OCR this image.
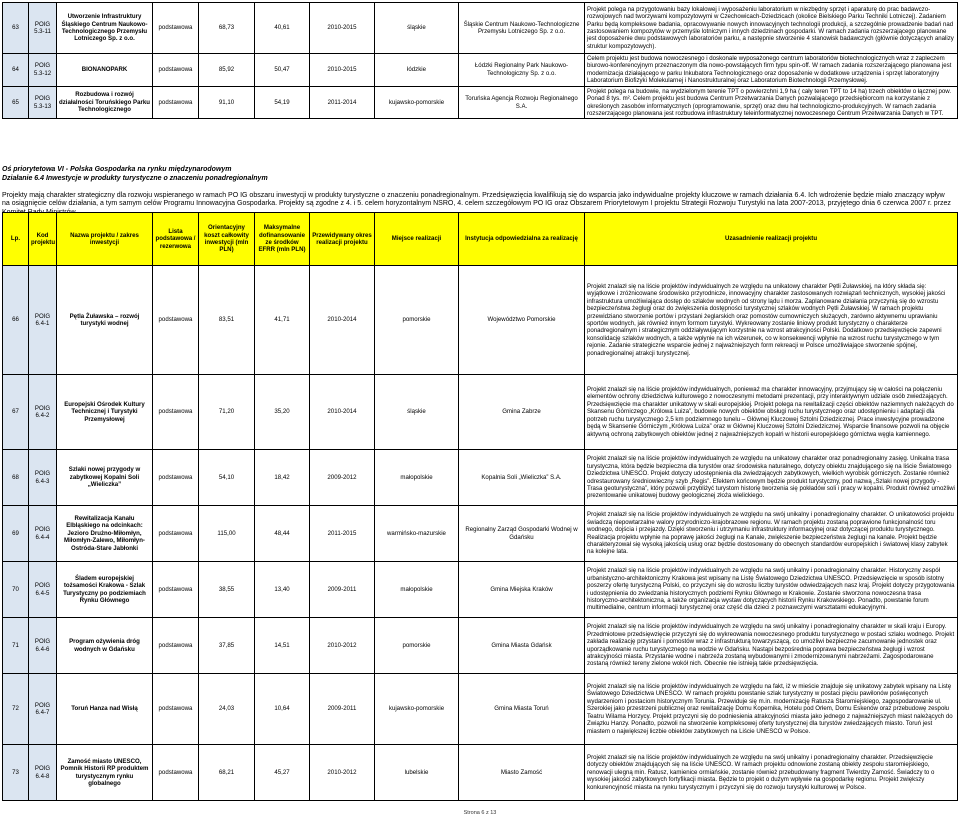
63	POIG 5.3-11	Utworzenie Infrastruktury Śląskiego Centrum Naukowo-Technologicznego Przemysłu Lotniczego Sp. z o.o.	podstawowa	68,73	40,61	2010-2015	śląskie	Śląskie Centrum Naukowo-Technologiczne Przemysłu Lotniczego Sp. z o.o.	Projekt polega na przygotowaniu bazy lokalowej i wyposażeniu laboratorium w niezbędny sprzęt i aparaturę do prac badawczo-rozwojowych nad tworzywami kompozytowymi w Czechowicach-Dziedzicach (okolice Bielskiego Parku Techniki Lotniczej). Zadaniem Parku będą kompleksowe badania, opracowywanie nowych innowacyjnych technologii produkcji, a szczególnie prowadzenie badań nad zastosowaniem kompozytów w przemyśle lotniczym i innych dziedzinach gospodarki. W ramach zadania rozszerzającego planowane jest doposażenie dwu podstawowych laboratoriów parku, a następnie stworzenie 4 stanowisk badawczych (głównie dotyczących analizy struktur kompozytowych).
64	POIG 5.3-12	BIONANOPARK	podstawowa	85,92	50,47	2010-2015	łódzkie	Łódzki Regionalny Park Naukowo-Technologiczny Sp. z o.o.	Celem projektu jest budowa nowoczesnego i doskonale wyposażonego centrum laboratoriów biotechnologicznych wraz z zapleczem biurowo-konferencyjnym przeznaczonym dla nowo-powstających firm typu spin-off. W ramach zadania rozszerzającego planowana jest modernizacja działającego w parku Inkubatora Technologicznego oraz doposażenie w dodatkowe urządzenia i sprzęt laboratoryjny Laboratorium Biofizyki Molekularnej i Nanostrukturalnej oraz Laboratorium Biotechnologii Przemysłowej.
65	POIG 5.3-13	Rozbudowa i rozwój działalności Toruńskiego Parku Technologicznego	podstawowa	91,10	54,19	2011-2014	kujawsko-pomorskie	Toruńska Agencja Rozwoju Regionalnego S.A.	Projekt polega na budowie, na wydzielonym terenie TPT o powierzchni 1,9 ha ( cały teren TPT to 14 ha) trzech obiektów o łącznej pow. Ponad 8 tys. m². Celem projektu jest budowa Centrum Przetwarzania Danych pozwalającego przedsiębiorcom na korzystanie z określonych zasobów informatycznych (oprogramowanie, sprzęt) oraz dwu hal technologiczno-produkcyjnych. W ramach zadania rozszerzającego planowana jest rozbudowa infrastruktury teleinformatycznej nowoczesnego Centrum Przetwarzania Danych w TPT.
Oś priorytetowa VI - Polska Gospodarka na rynku międzynarodowym
Działanie 6.4 Inwestycje w produkty turystyczne o znaczeniu ponadregionalnym

Projekty mają charakter strategiczny dla rozwoju wspieranego w ramach PO IG obszaru inwestycji w produkty turystyczne o znaczeniu ponadregionalnym. Przedsięwzięcia kwalifikują się do wsparcia jako indywidualne projekty kluczowe w ramach działania 6.4. Ich wdrożenie będzie miało znaczący wpływ na osiągnięcie celów działania, a tym samym celów Programu Innowacyjna Gospodarka. Projekty są zgodne z 4. i 5. celem horyzontalnym NSRO, 4. celem szczegółowym PO IG oraz Obszarem Priorytetowym I projektu Strategii Rozwoju Turystyki na lata 2007-2013, przyjętego dnia 6 czerwca 2007 r. przez

Lp.	Kod projektu	Nazwa projektu / zakres inwestycji	Lista podstawowa / rezerwowa	Orientacyjny koszt całkowity inwestycji (mln PLN)	Maksymalne dofinansowanie ze środków EFRR (mln PLN)	Przewidywany okres realizacji projektu	Miejsce realizacji	Instytucja odpowiedzialna za realizację	Uzasadnienie realizacji projektu
66	POIG 6.4-1	Pętla Żuławska – rozwój turystyki wodnej	podstawowa	83,51	41,71	2010-2014	pomorskie	Województwo Pomorskie	Projekt znalazł się na liście projektów indywidualnych ze względu na unikatowy charakter Pętli Żuławskiej, na który składa się: wyjątkowe i zróżnicowane środowisko przyrodnicze, innowacyjny charakter zastosowanych rozwiązań technicznych, wysokiej jakości infrastruktura umożliwiająca dostęp do szlaków wodnych od strony lądu i morza. Zaplanowane działania przyczynią się do wzrostu bezpieczeństwa żeglugi oraz do zwiększenia dostępności turystycznej szlaków wodnych Pętli Żuławskiej. W ramach projektu przewidziano stworzenie portów i przystani żeglarskich oraz pomostów cumowniczych służących, zarówno aktywnemu uprawianiu sportów wodnych, jak również innym formom turystyki. Wykreowany zostanie liniowy produkt turystyczny o charakterze ponadregionalnym i strategicznym oddziaływującym korzystnie na wzrost atrakcyjności Polski. Dodatkowo przedsięwzięcie zapewni konsolidację szlaków wodnych, a także wpłynie na ich wizerunek, co w konsekwencji wpłynie na wzrost ruchu turystycznego w tym rejonie. Zadanie strategiczne wsparcie jednej z najważniejszych form rekreacji w Polsce umożliwiające stworzenie spójnej, ponadregionalnej atrakcji turystycznej.
67	POIG 6.4-2	Europejski Ośrodek Kultury Technicznej i Turystyki Przemysłowej	podstawowa	71,20	35,20	2010-2014	śląskie	Gmina Zabrze	Projekt znalazł się na liście projektów indywidualnych, ponieważ ma charakter innowacyjny, przyjmujący się w całości na połączeniu elementów ochrony dziedzictwa kulturowego z nowoczesnymi metodami prezentacji, przy interaktywnym udziale osób zwiedzających. Przedsięwzięcie ma charakter unikatowy w skali europejskiej. Projekt polega na rewitalizacji części obiektów naziemnych należących do Skansenu Górniczego „Królowa Luiza”, budowie nowych obiektów obsługi ruchu turystycznego oraz udostępnieniu i adaptacji dla potrzeb ruchu turystycznego 2,5 km podziemnego tunelu – Głównej Kluczowej Sztolni Dziedzicznej. Prace inwestycyjne prowadzone będą w Skansenie Górniczym „Królowa Luiza” oraz w Głównej Kluczowej Sztolni Dziedzicznej. Wsparcie finansowe pozwoli na objęcie aktywną ochroną zabytkowych obiektów jednej z najważniejszych kopalń w historii europejskiego górnictwa węgla kamiennego.
68	POIG 6.4-3	Szlaki nowej przygody w zabytkowej Kopalni Soli „Wieliczka”	podstawowa	54,10	18,42	2009-2012	małopolskie	Kopalnia Soli „Wieliczka” S.A.	Projekt znalazł się na liście projektów indywidualnych ze względu na unikatowy charakter oraz ponadregionalny zasięg. Unikalna trasa turystyczna, która będzie bezpieczna dla turystów oraz środowiska naturalnego, dotyczy obiektu znajdującego się na liście Światowego Dziedzictwa UNESCO. Projekt dotyczy udostępnienia dla zwiedzających zabytkowych, wielkich wyrobisk górniczych. Zostanie również odrestaurowany średniowieczny szyb „Regis”. Efektem końcowym będzie produkt turystyczny, pod nazwą „Szlaki nowej przygody - Trasa geoturystyczna”, który pozwoli przybliżyć turystom historię tworzenia się pokładów soli i pracy w kopalni. Produkt również umożliwi prezentowanie unikatowej budowy geologicznej złoża wielickiego.
69	POIG 6.4-4	Rewitalizacja Kanału Elbląskiego na odcinkach: Jeziorо Drużno-Miłomłyn, Miłomłyn-Zalewo, Miłomłyn-Ostróda-Stare Jabłonki	podstawowa	115,00	48,44	2011-2015	warmińsko-mazurskie	Regionalny Zarząd Gospodarki Wodnej w Gdańsku	Projekt znalazł się na liście projektów indywidualnych ze względu na swój unikalny i ponadregionalny charakter. O unikatowości projektu świadczą niepowtarzalne walory przyrodniczo-krajobrazowe regionu. W ramach projektu zostaną poprawione funkcjonalność toru wodnego, dojścia i przejazdy. Dzięki stworzeniu i utrzymaniu infrastruktury informacyjnej oraz dotyczącej produktu turystycznego. Realizacja projektu wpłynie na poprawę jakości żeglugi na Kanale, zwiększenie bezpieczeństwa żeglugi na kanale. Projekt będzie charakteryzował się wysoką jakością usług oraz będzie dostosowany do obecnych standardów europejskich i światowej klasy zabytek na kolejne lata.
70	POIG 6.4-5	Śladem europejskiej tożsamości Krakowa - Szlak Turystyczny po podziemiach Rynku Głównego	podstawowa	38,55	13,40	2009-2011	małopolskie	Gmina Miejska Kraków	Projekt znalazł się na liście projektów indywidualnych ze względu na swój unikalny i ponadregionalny charakter. Historyczny zespół urbanistyczno-architektoniczny Krakowa jest wpisany na Listę Światowego Dziedzictwa UNESCO. Przedsięwzięcie w sposób istotny poszerzy ofertę turystyczną Polski, co przyczyni się do wzrostu liczby turystów odwiedzających nasz kraj. Projekt dotyczy przygotowania i udostępnienia do zwiedzania historycznych podziemi Rynku Głównego w Krakowie. Zostanie stworzona nowoczesna trasa historyczno-architektoniczna, a także organizacja wystaw dotyczących historii Rynku Krakowskiego. Ponadto, powstanie forum multimedialne, centrum informacji turystycznej oraz część dla dzieci z poznawczymi warsztatami edukacyjnymi.
71	POIG 6.4-6	Program ożywienia dróg wodnych w Gdańsku	podstawowa	37,85	14,51	2010-2012	pomorskie	Gmina Miasta Gdańsk	Projekt znalazł się na liście projektów indywidualnych ze względu na swój unikalny i ponadregionalny charakter w skali kraju i Europy. Przedmiotowe przedsięwzięcie przyczyni się do wykreowania nowoczesnego produktu turystycznego w postaci szlaku wodnego. Projekt zakłada realizację przystani i pomostów wraz z infrastrukturą towarzyszącą, co umożliwi bezpieczne zacumowanie jednostek oraz uporządkowanie ruchu turystycznego na wodzie w Gdańsku. Nastąpi bezpośrednia poprawa bezpieczeństwa żeglugi i wzrost atrakcyjności miasta. Przystanie wodne i nabrzeża zostaną wybudowanymi i zmodernizowanymi nabrzeżami. Zagospodarowane zostaną również tereny zielone wokół nich. Obecnie nie istnieją takie przedsięwzięcia.
72	POIG 6.4-7	Toruń Hanza nad Wisłą	podstawowa	24,03	10,64	2009-2011	kujawsko-pomorskie	Gmina Miasta Toruń	Projekt znalazł się na liście projektów indywidualnych ze względu na fakt, iż w mieście znajduje się unikatowy zabytek wpisany na Listę Światowego Dziedzictwa UNESCO. W ramach projektu powstanie szlak turystyczny w postaci pięciu pawilonów poświęconych wydarzeniom i postaciom historycznym Torunia. Przewiduje się m.in. modernizację Ratusza Staromiejskiego, zagospodarowanie ul. Szerokiej jako przestrzeni publicznej oraz rewitalizację Domu Kopernika, Hotelu pod Orłem, Domu Eskenów oraz przebudowę zespołu Teatru Wilama Horzycy. Projekt przyczyni się do podniesienia atrakcyjności miasta jako jednego z najważniejszych miast należących do Związku Hanzy. Ponadto, pozwoli na stworzenie kompleksowej oferty turystycznej dla turystów zwiedzających miasto. Toruń jest miastem o największej liczbie obiektów zabytkowych na Liście UNESCO w Polsce.
73	POIG 6.4-8	Zamość miasto UNESCO, Pomnik Historii RP produktem turystycznym rynku globalnego	podstawowa	68,21	45,27	2010-2012	lubelskie	Miasto Zamość	Projekt znalazł się na liście projektów indywidualnych ze względu na swój unikalny i ponadregionalny charakter. Przedsięwzięcie dotyczy obiektów znajdujących się na liście UNESCO. W ramach projektu odnowione zostaną obiekty zespołu staromiejskiego, renowacji ulegną min. Ratusz, kamienice ormiańskie, zostanie również przebudowany fragment Twierdzy Zamość. Świadczy to o wysokiej jakości zabytkowych fortyfikacji miasta. Będzie to projekt o dużym wpływie na gospodarkę regionu. Projekt zwiększy konkurencyjność miasta na rynku turystycznym i przyczyni się do rozwoju turystyki kulturowej w Polsce.
Strona 6 z 13
